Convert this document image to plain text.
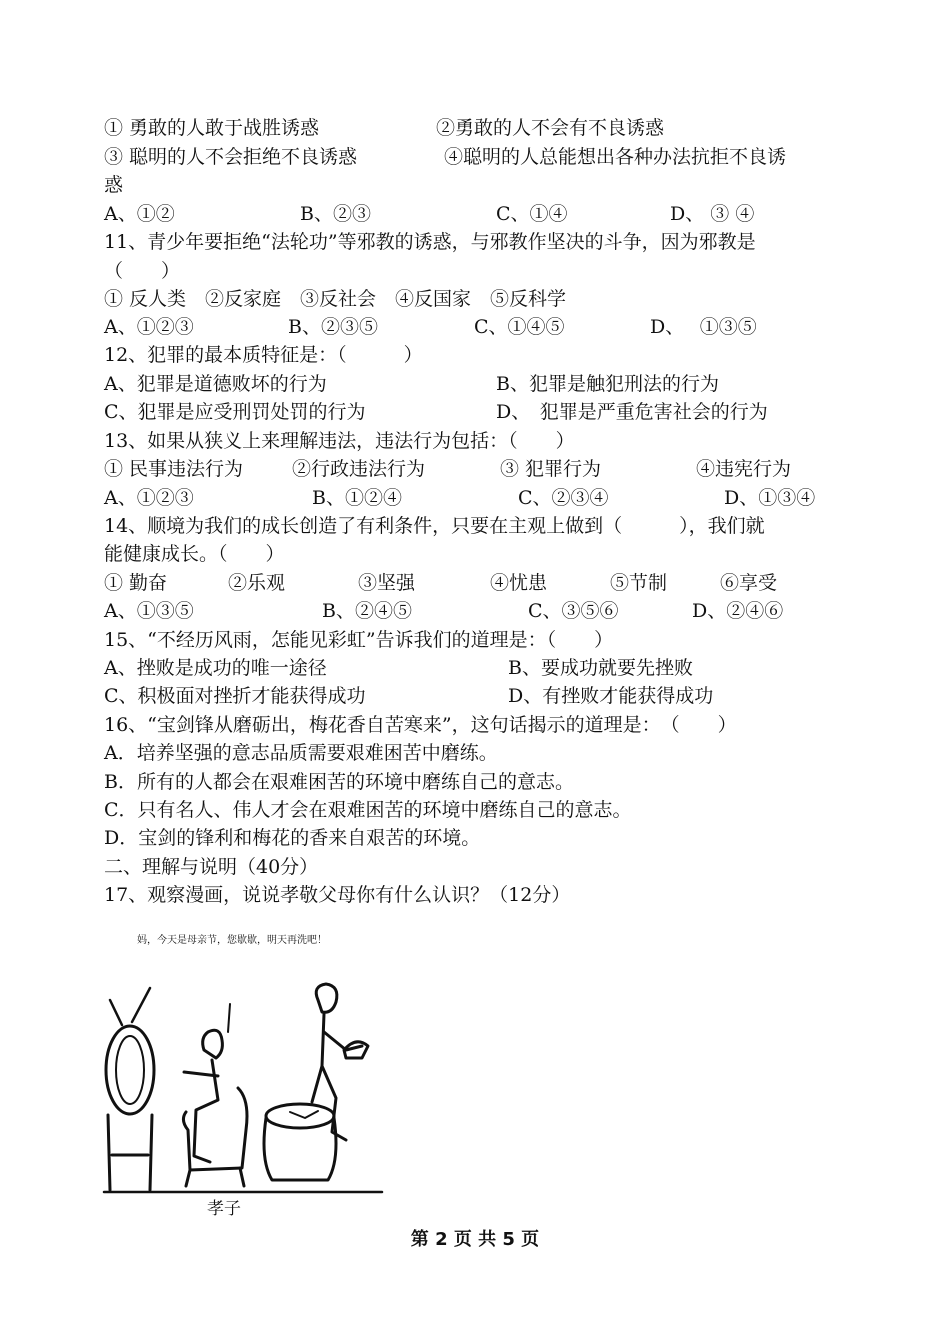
① 勇敢的人敢于战胜诱惑	②勇敢的人不会有不良诱惑
③ 聪明的人不会拒绝不良诱惑	④聪明的人总能想出各种办法抗拒不良诱
惑
A、①②	B、②③	C、①④	D、 ③ ④
11、青少年要拒绝“法轮功”等邪教的诱惑，与邪教作坚决的斗争，因为邪教是
（　　）
① 反人类　②反家庭　③反社会　④反国家　⑤反科学
A、①②③	B、②③⑤	C、①④⑤	D、　 ①③⑤
12、犯罪的最本质特征是：（　　　）
A、犯罪是道德败坏的行为	B、犯罪是触犯刑法的行为
C、犯罪是应受刑罚处罚的行为	D、　犯罪是严重危害社会的行为
13、如果从狭义上来理解违法，违法行为包括：（　　）
① 民事违法行为	②行政违法行为	③ 犯罪行为	④违宪行为
A、①②③	B、①②④	C、②③④	D、①③④
14、顺境为我们的成长创造了有利条件，只要在主观上做到（　　　），我们就
能健康成长。（　　）
① 勤奋	②乐观	③坚强	④忧患	⑤节制	⑥享受
A、①③⑤	B、②④⑤	C、③⑤⑥	D、②④⑥
15、“不经历风雨，怎能见彩虹”告诉我们的道理是：（　　）
A、挫败是成功的唯一途径	B、要成功就要先挫败
C、积极面对挫折才能获得成功	D、有挫败才能获得成功
16、“宝剑锋从磨砺出，梅花香自苦寒来”，这句话揭示的道理是：　（　　）
A．培养坚强的意志品质需要艰难困苦中磨练。
B．所有的人都会在艰难困苦的环境中磨练自己的意志。
C．只有名人、伟人才会在艰难困苦的环境中磨练自己的意志。
D．宝剑的锋利和梅花的香来自艰苦的环境。
二、理解与说明（40分）
17、观察漫画，说说孝敬父母你有什么认识？（12分）
妈，今天是母亲节，您歇歇，明天再洗吧！
孝子
第 2 页 共 5 页
